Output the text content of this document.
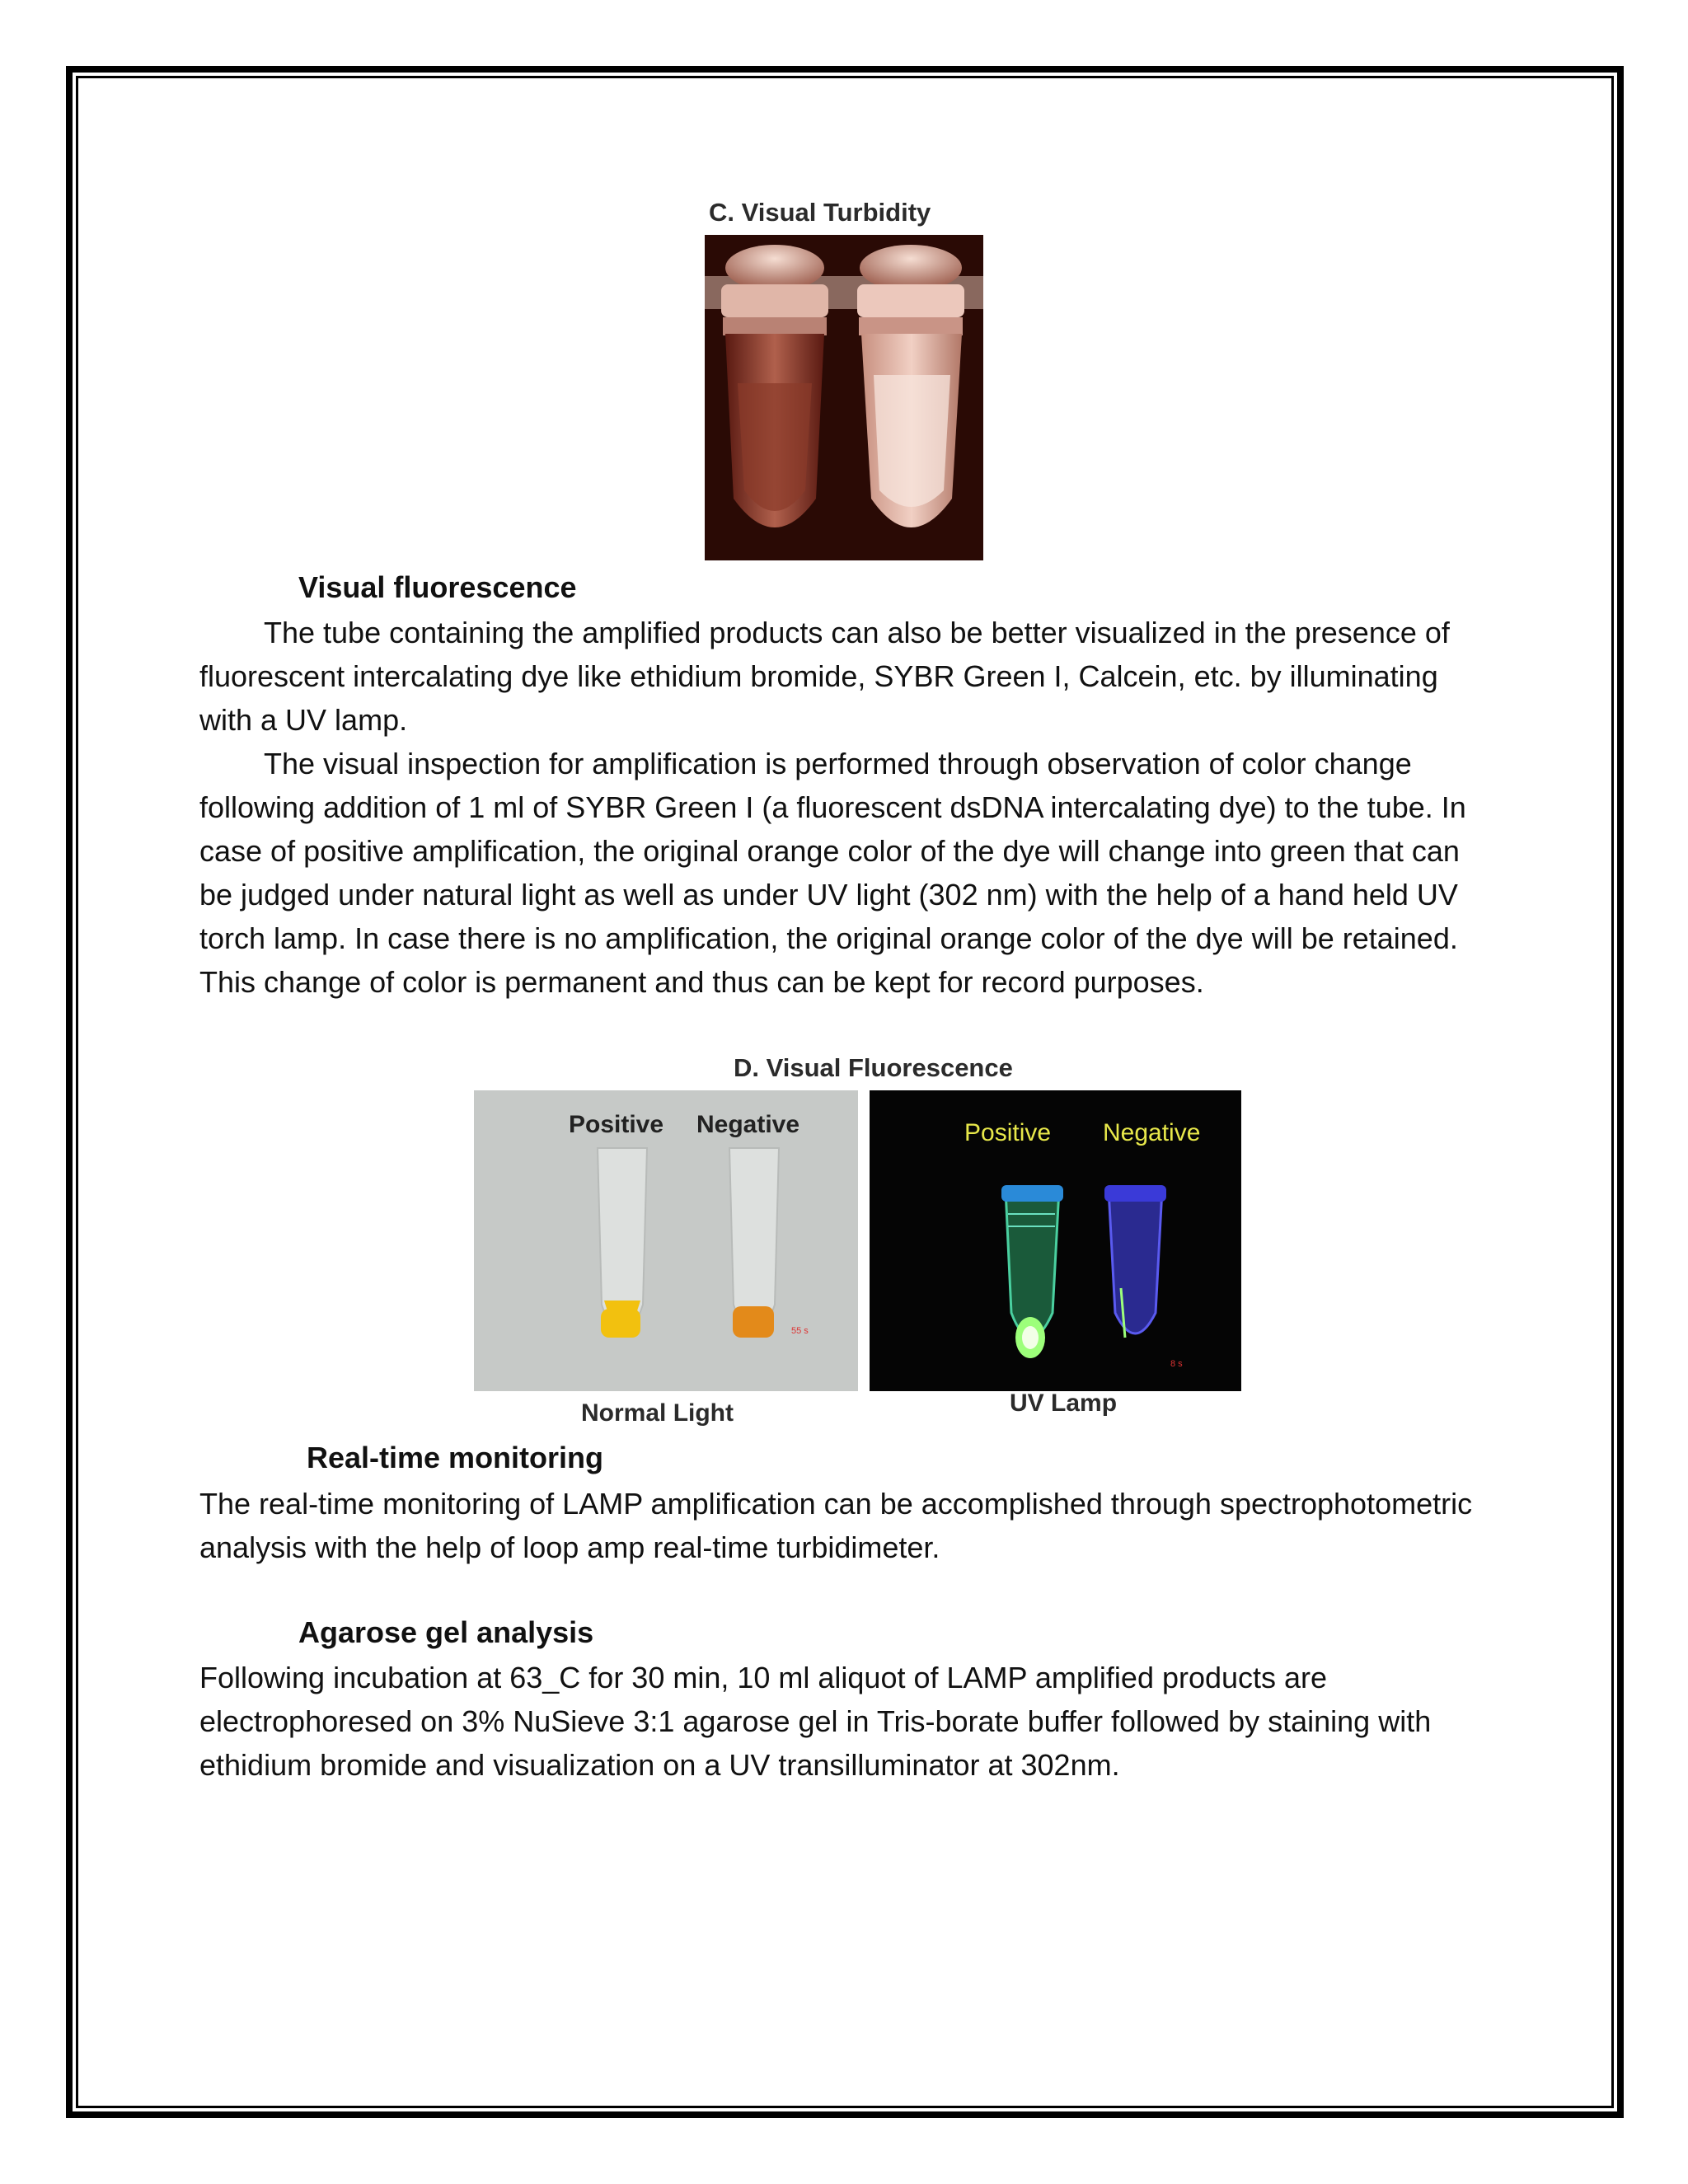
C. Visual Turbidity
Visual fluorescence

The tube containing the amplified products can also be better visualized in the presence of fluorescent intercalating dye like ethidium bromide, SYBR Green I, Calcein, etc. by illuminating with a UV lamp.

The visual inspection for amplification is performed through observation of color change following addition of 1 ml of SYBR Green I (a fluorescent dsDNA intercalating dye) to the tube. In case of positive amplification, the original orange color of the dye will change into green that can be judged under natural light as well as under UV light (302 nm) with the help of a hand held UV torch lamp. In case there is no amplification, the original orange color of the dye will be retained. This change of color is permanent and thus can be kept for record purposes.

D. Visual Fluorescence
55 s
Positive Negative
8 s
Positive Negative
Normal Light	UV Lamp
Real-time monitoring

The real-time monitoring of LAMP amplification can be accomplished through spectrophotometric analysis with the help of loop amp real-time turbidimeter.

Agarose gel analysis

Following incubation at 63_C for 30 min, 10 ml aliquot of LAMP amplified products are electrophoresed on 3% NuSieve 3:1 agarose gel in Tris-borate buffer followed by staining with ethidium bromide and visualization on a UV transilluminator at 302nm.
